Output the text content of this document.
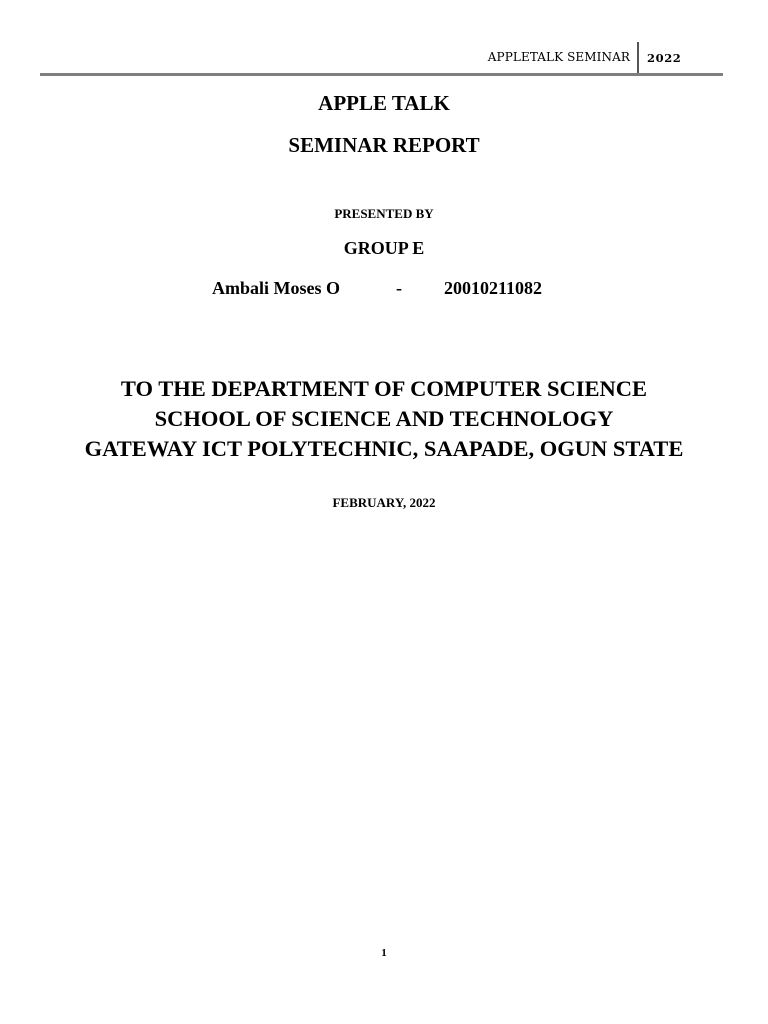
APPLETALK SEMINAR 2022
APPLE TALK
SEMINAR REPORT
PRESENTED BY
GROUP E
Ambali Moses O	- 20010211082
TO THE DEPARTMENT OF COMPUTER SCIENCE
SCHOOL OF SCIENCE AND TECHNOLOGY
GATEWAY ICT POLYTECHNIC, SAAPADE, OGUN STATE
FEBRUARY, 2022
1
